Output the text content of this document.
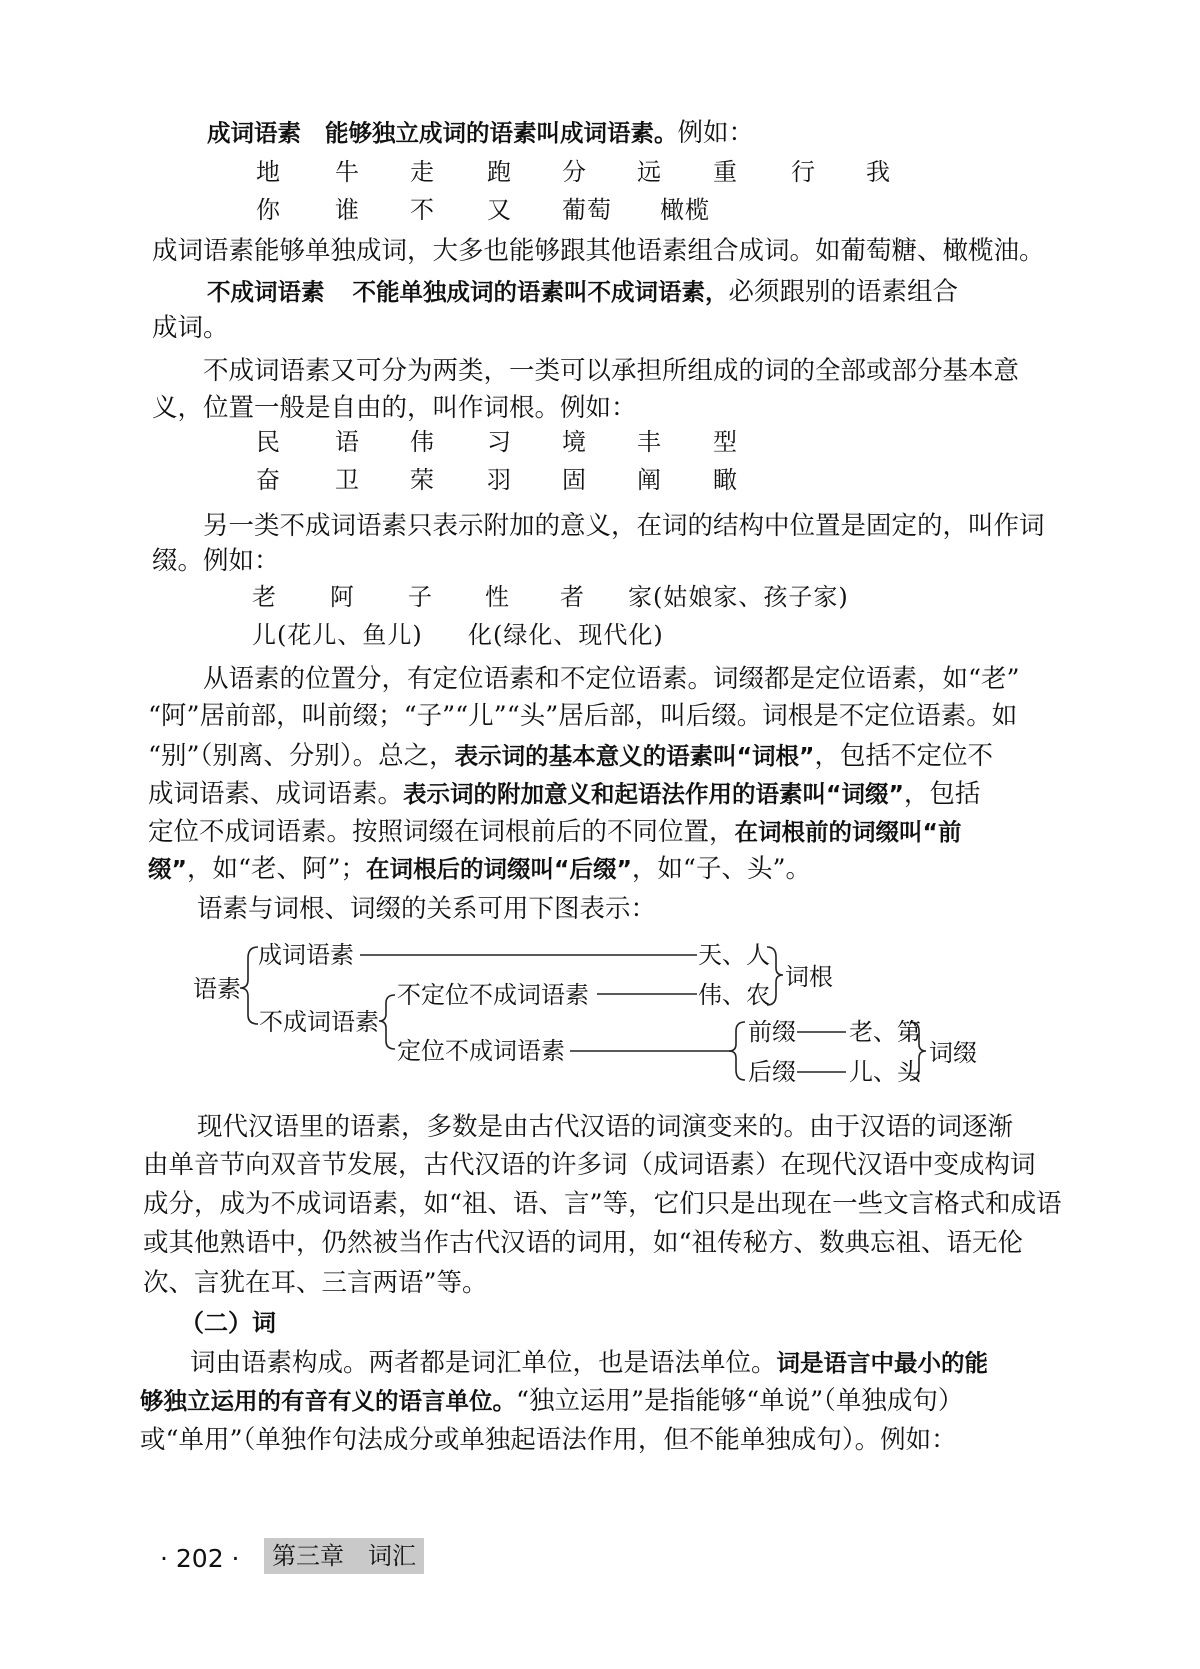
成词语素 能够独立成词的语素叫成词语素。例如：
地 牛 走 跑 分 远 重 行 我
你 谁 不 又 葡萄 橄榄
成词语素能够单独成词，大多也能够跟其他语素组合成词。如葡萄糖、橄榄油。
不成词语素 不能单独成词的语素叫不成词语素，必须跟别的语素组合
成词。
不成词语素又可分为两类，一类可以承担所组成的词的全部或部分基本意
义，位置一般是自由的，叫作词根。例如：
民 语 伟 习 境 丰 型
奋 卫 荣 羽 固 阐 瞰
另一类不成词语素只表示附加的意义，在词的结构中位置是固定的，叫作词
缀。例如：
老 阿 子 性 者 家(姑娘家、孩子家)
儿(花儿、鱼儿) 化(绿化、现代化)
从语素的位置分，有定位语素和不定位语素。词缀都是定位语素，如“老”
“阿”居前部，叫前缀；“子”“儿”“头”居后部，叫后缀。词根是不定位语素。如
“别”（别离、分别）。总之，表示词的基本意义的语素叫“词根”，包括不定位不
成词语素、成词语素。表示词的附加意义和起语法作用的语素叫“词缀”，包括
定位不成词语素。按照词缀在词根前后的不同位置，在词根前的词缀叫“前
缀”，如“老、阿”；在词根后的词缀叫“后缀”，如“子、头”。
语素与词根、词缀的关系可用下图表示：
语素
成词语素	天、人
不成词语素
不定位不成词语素	伟、农
定位不成词语素
前缀 老、第
后缀 儿、头
词根
词缀
现代汉语里的语素，多数是由古代汉语的词演变来的。由于汉语的词逐渐
由单音节向双音节发展，古代汉语的许多词（成词语素）在现代汉语中变成构词
成分，成为不成词语素，如“祖、语、言”等，它们只是出现在一些文言格式和成语
或其他熟语中，仍然被当作古代汉语的词用，如“祖传秘方、数典忘祖、语无伦
次、言犹在耳、三言两语”等。
（二）词
词由语素构成。两者都是词汇单位，也是语法单位。词是语言中最小的能
够独立运用的有音有义的语言单位。“独立运用”是指能够“单说”（单独成句）
或“单用”（单独作句法成分或单独起语法作用，但不能单独成句）。例如：
· 202 ·	第三章　词汇
